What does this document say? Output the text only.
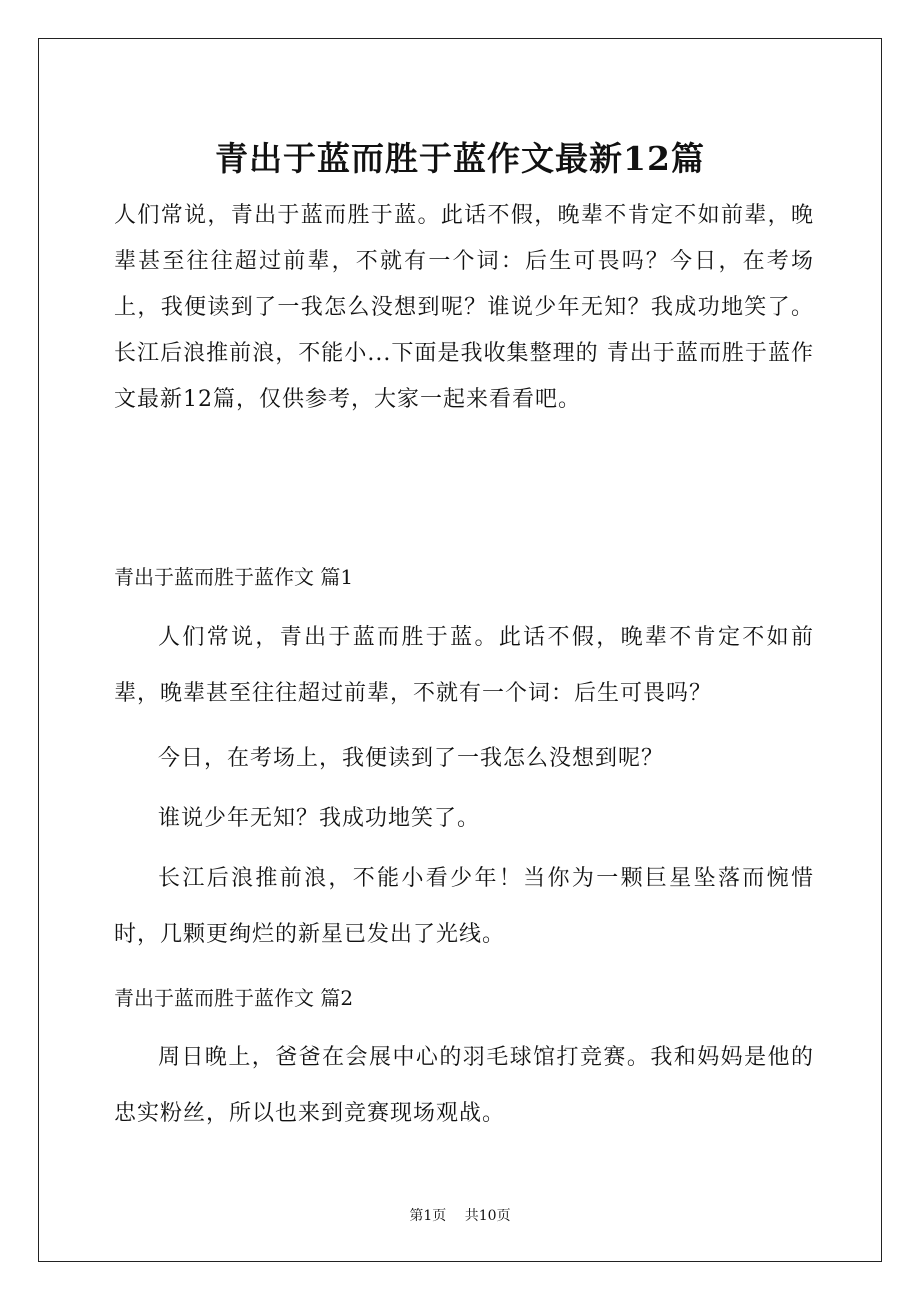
青出于蓝而胜于蓝作文最新12篇

人们常说，青出于蓝而胜于蓝。此话不假，晚辈不肯定不如前辈，晚辈甚至往往超过前辈，不就有一个词：后生可畏吗？今日，在考场上，我便读到了一我怎么没想到呢？谁说少年无知？我成功地笑了。长江后浪推前浪，不能小...下面是我收集整理的 青出于蓝而胜于蓝作文最新12篇，仅供参考，大家一起来看看吧。

青出于蓝而胜于蓝作文 篇1

人们常说，青出于蓝而胜于蓝。此话不假，晚辈不肯定不如前辈，晚辈甚至往往超过前辈，不就有一个词：后生可畏吗？

今日，在考场上，我便读到了一我怎么没想到呢？

谁说少年无知？我成功地笑了。

长江后浪推前浪，不能小看少年！当你为一颗巨星坠落而惋惜时，几颗更绚烂的新星已发出了光线。

青出于蓝而胜于蓝作文 篇2

周日晚上，爸爸在会展中心的羽毛球馆打竞赛。我和妈妈是他的忠实粉丝，所以也来到竞赛现场观战。

第1页 共10页
